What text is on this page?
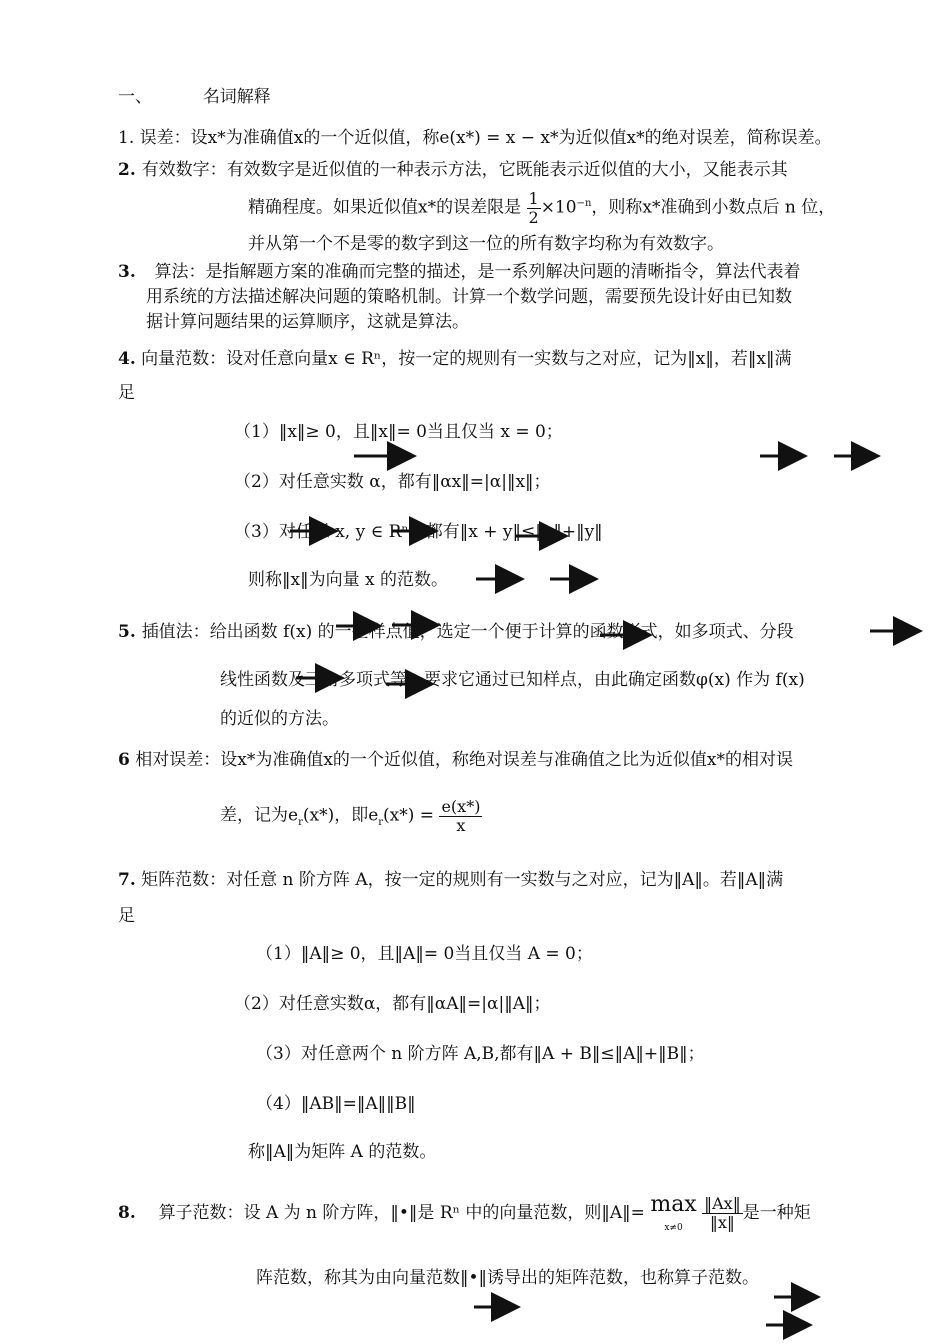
一、	名词解释
1. 误差：设x*为准确值x的一个近似值，称e(x*) = x − x*为近似值x*的绝对误差，简称误差。
2. 有效数字：有效数字是近似值的一种表示方法，它既能表示近似值的大小，又能表示其
精确程度。如果近似值x*的误差限是 $\frac{1}{2} \times 10^{-n}$，则称x*准确到小数点后 n 位，
并从第一个不是零的数字到这一位的所有数字均称为有效数字。
3. 算法：是指解题方案的准确而完整的描述，是一系列解决问题的清晰指令，算法代表着
用系统的方法描述解决问题的策略机制。计算一个数学问题，需要预先设计好由已知数
据计算问题结果的运算顺序，这就是算法。
4. 向量范数：设对任意向量x ∈ Rⁿ，按一定的规则有一实数与之对应，记为‖x‖，若‖x‖满
足
（1）‖x‖≥ 0，且‖x‖= 0当且仅当 x = 0；
（2）对任意实数 α，都有‖αx‖=|α|‖x‖；
（3）对任意 x, y ∈ Rⁿ，都有‖x + y‖≤‖x‖+‖y‖
则称‖x‖为向量 x 的范数。
5. 插值法：给出函数 f(x) 的一些样点值，选定一个便于计算的函数形式，如多项式、分段
线性函数及三角多项式等，要求它通过已知样点，由此确定函数φ(x) 作为 f(x)
的近似的方法。
6 相对误差：设x*为准确值x的一个近似值，称绝对误差与准确值之比为近似值x*的相对误
差，记为$e_r(x*)$，即$e_r(x*) = \frac{e(x*)}{x}$
7. 矩阵范数：对任意 n 阶方阵 A，按一定的规则有一实数与之对应，记为‖A‖。若‖A‖满
足
（1）‖A‖≥ 0，且‖A‖= 0当且仅当 A = 0；
（2）对任意实数α，都有‖αA‖=|α|‖A‖；
（3）对任意两个 n 阶方阵 A,B,都有‖A + B‖≤‖A‖+‖B‖；
（4）‖AB‖=‖A‖‖B‖
称‖A‖为矩阵 A 的范数。
8. 算子范数：设 A 为 n 阶方阵，‖•‖是 Rⁿ 中的向量范数，则‖A‖= max
x≠0
	$\frac{‖Ax‖}{‖x‖}$ 是一种矩
阵范数，称其为由向量范数‖•‖诱导出的矩阵范数，也称算子范数。
